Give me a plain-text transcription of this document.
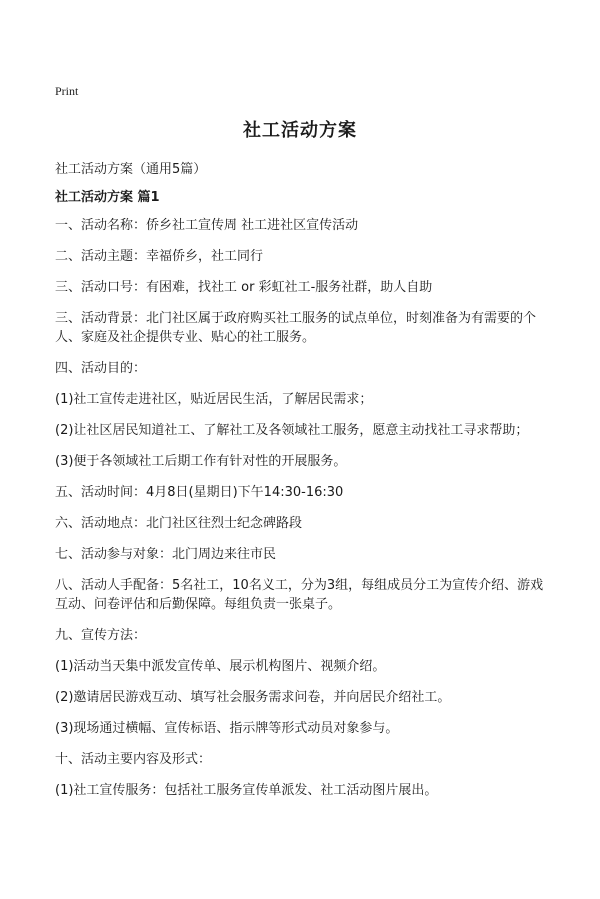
Print
社工活动方案
社工活动方案（通用5篇）
社工活动方案 篇1

一、活动名称：侨乡社工宣传周 社工进社区宣传活动

二、活动主题：幸福侨乡，社工同行

三、活动口号：有困难，找社工 or 彩虹社工-服务社群，助人自助

三、活动背景：北门社区属于政府购买社工服务的试点单位，时刻准备为有需要的个人、家庭及社企提供专业、贴心的社工服务。

四、活动目的：

(1)社工宣传走进社区，贴近居民生活，了解居民需求；

(2)让社区居民知道社工、了解社工及各领域社工服务，愿意主动找社工寻求帮助；

(3)便于各领域社工后期工作有针对性的开展服务。

五、活动时间：4月8日(星期日)下午14:30-16:30

六、活动地点：北门社区往烈士纪念碑路段

七、活动参与对象：北门周边来往市民

八、活动人手配备：5名社工，10名义工，分为3组，每组成员分工为宣传介绍、游戏互动、问卷评估和后勤保障。每组负责一张桌子。

九、宣传方法：

(1)活动当天集中派发宣传单、展示机构图片、视频介绍。

(2)邀请居民游戏互动、填写社会服务需求问卷，并向居民介绍社工。

(3)现场通过横幅、宣传标语、指示牌等形式动员对象参与。

十、活动主要内容及形式：

(1)社工宣传服务：包括社工服务宣传单派发、社工活动图片展出。
